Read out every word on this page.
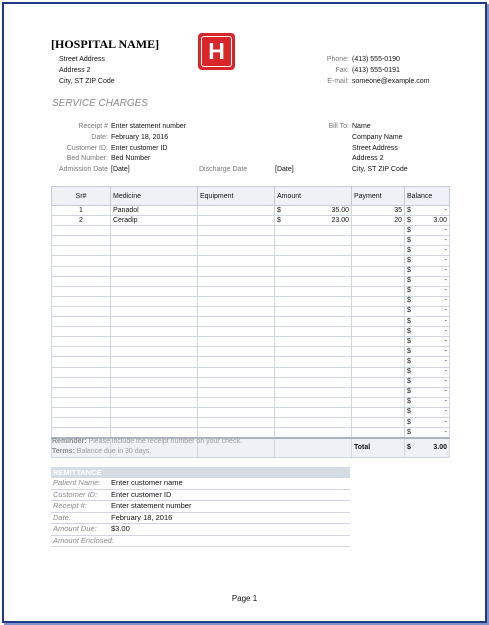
[HOSPITAL NAME]
Street Address
Address 2
City, ST ZIP Code
H	Phone: (413) 555-0190
Fax: (413) 555-0191
E-mail: someone@example.com
SERVICE CHARGES
Receipt # Enter statement number
Date: February 18, 2016
Customer ID: Enter customer ID
Bed Number: Bed Number
Admission Date [Date]	Discharge Date	[Date]
Bill To: Name
Company Name
Street Address
Address 2
City, ST ZIP Code
Sr#	Medicine	Equipment	Amount	Payment	Balance
1	Panadol		$ 35.00	35	$ -

2	Ceradip		$ 23.00	20	$ 3.00

					$ -

					$ -

					$ -

					$ -

					$ -

					$ -

					$ -

					$ -

					$ -

					$ -

					$ -

					$ -

					$ -

					$ -

					$ -

					$ -

					$ -

					$ -

					$ -

					$ -

					$ -

				Total	$ 3.00
Reminder: Please include the receipt number on your check.
Terms: Balance due in 30 days.
REMITTANCE
Patient Name:	Enter customer name
Customer ID:	Enter customer ID
Receipt #:	Enter statement number
Date:	February 18, 2016
Amount Due:	$3.00
Amount Enclosed:
Page 1
